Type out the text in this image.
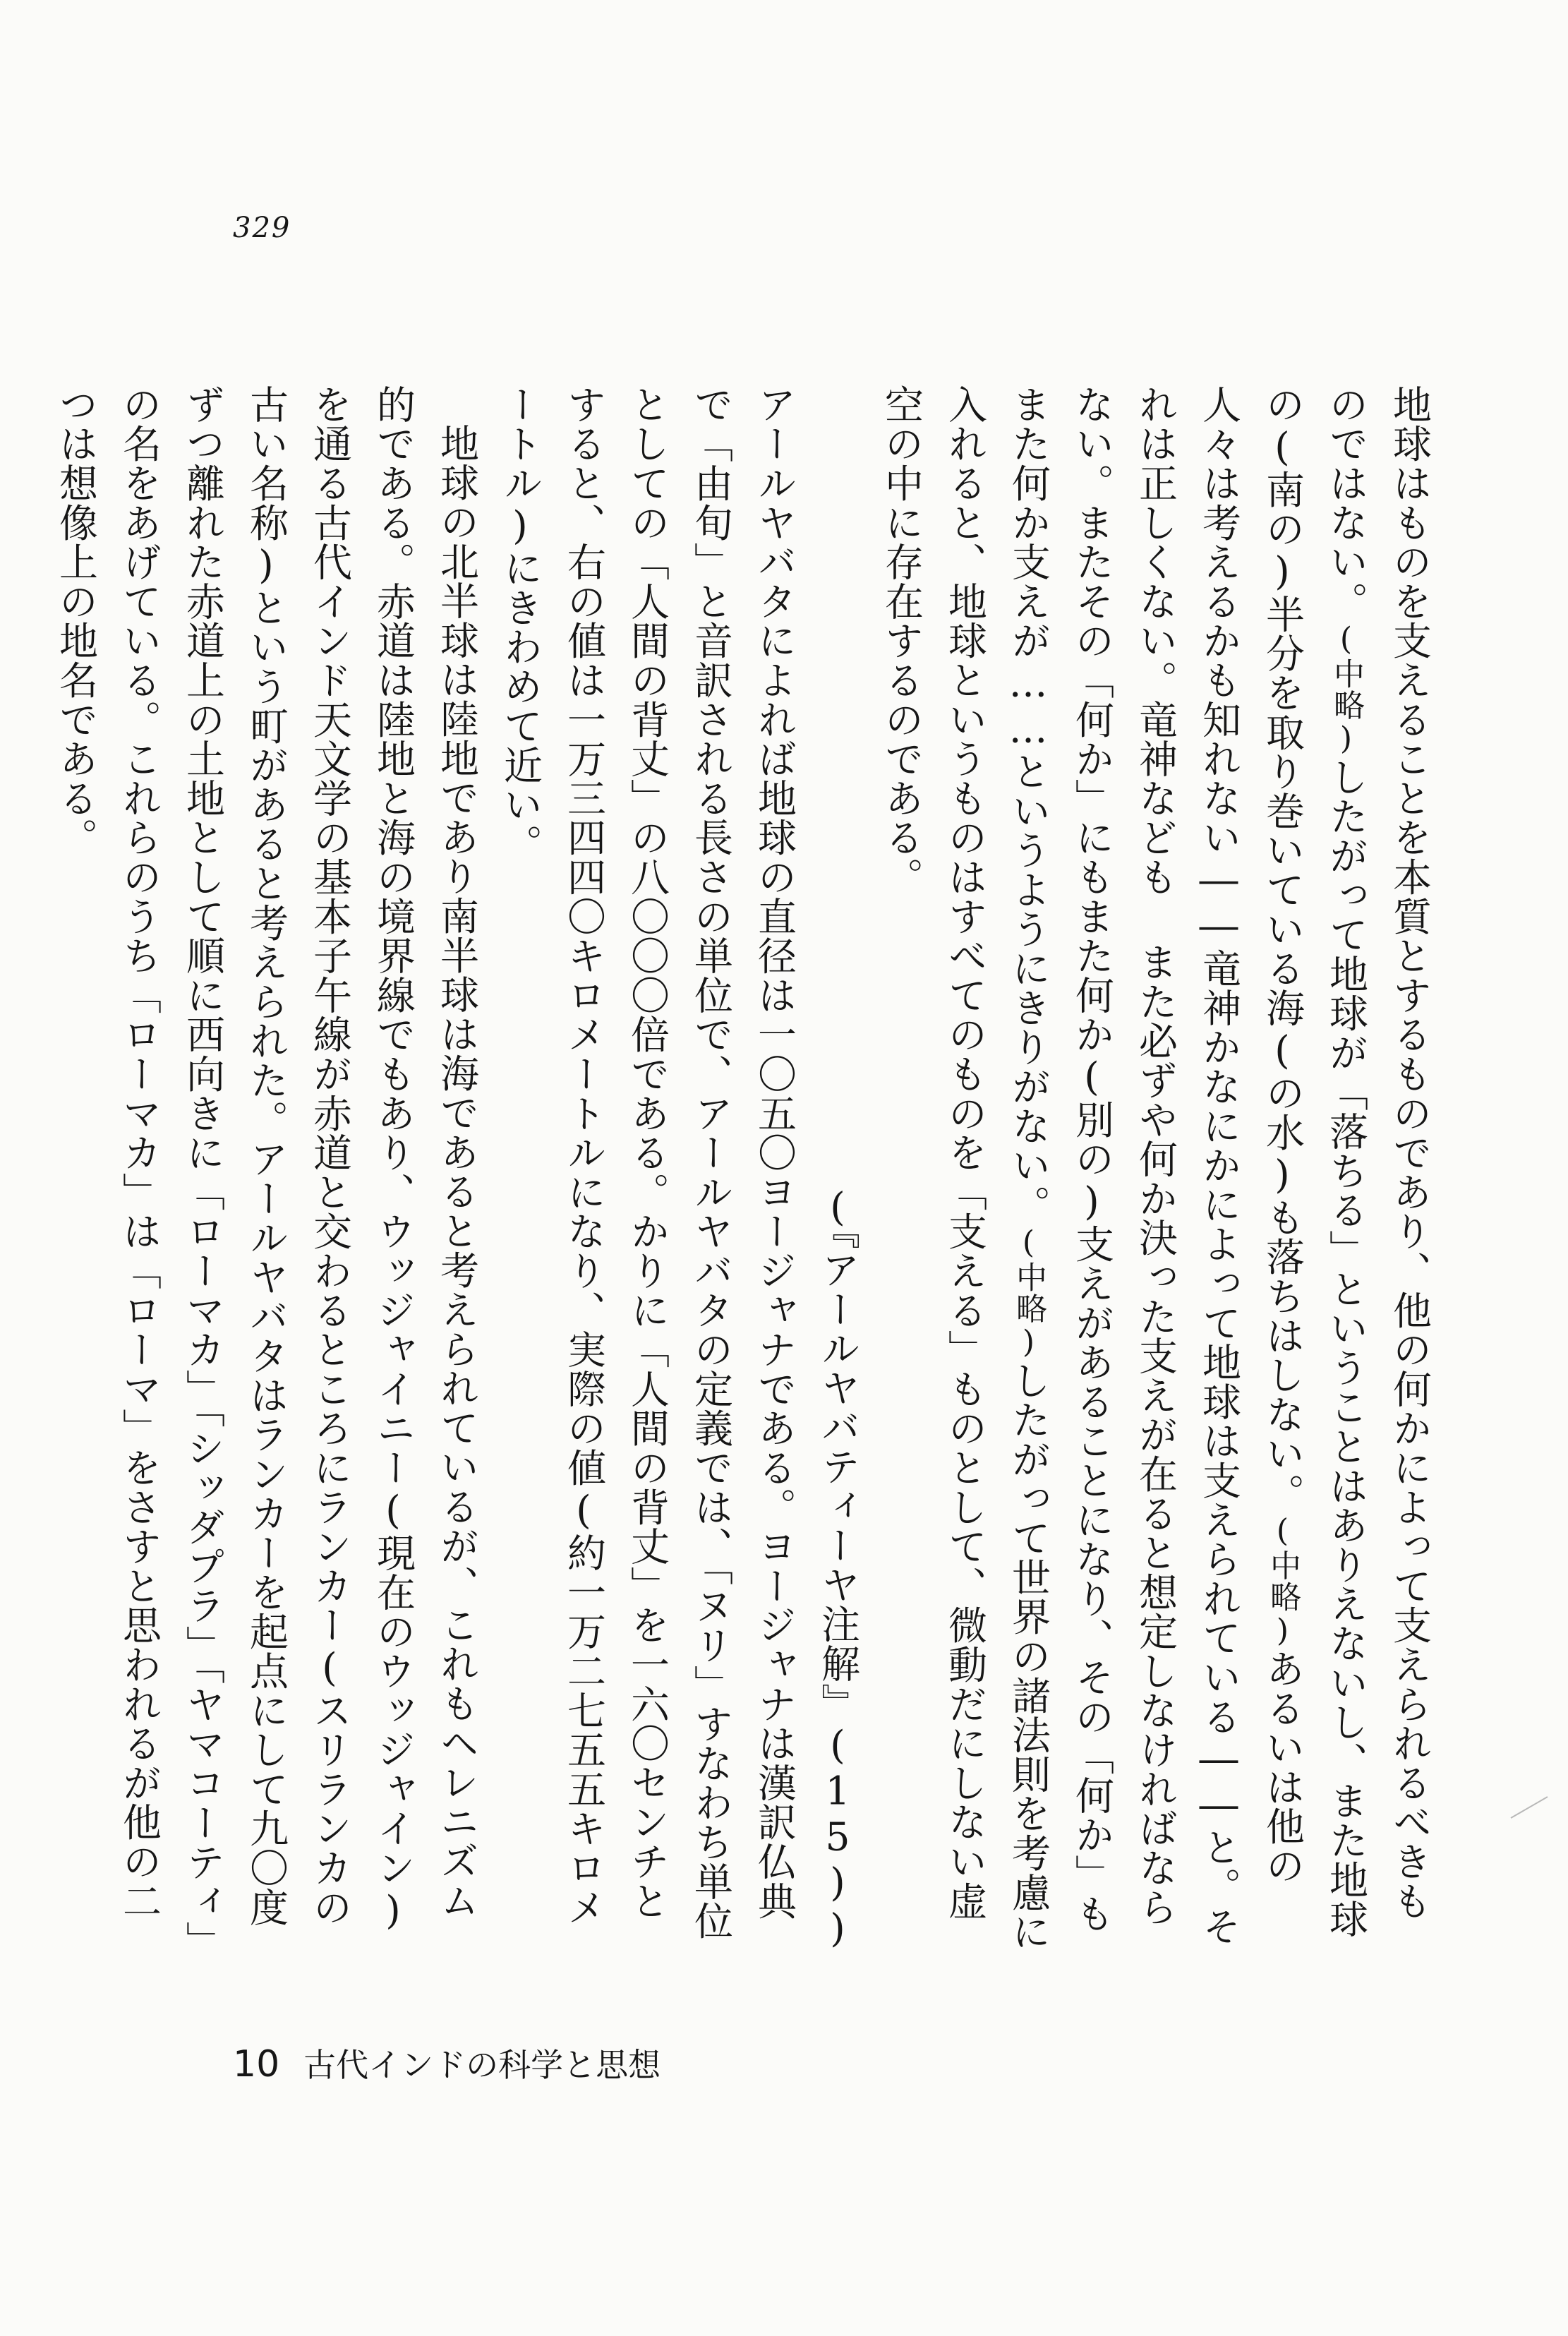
329

地球はものを支えることを本質とするものであり、他の何かによって支えられるべきものではない。(中略)したがって地球が「落ちる」ということはありえないし、また地球の(南の)半分を取り巻いている海(の水)も落ちはしない。(中略)あるいは他の人々は考えるかも知れない――竜神かなにかによって地球は支えられている――と。それは正しくない。竜神なども また必ずや何か決った支えが在ると想定しなければならない。またその「何か」にもまた何か(別の)支えがあることになり、その「何か」もまた何か支えが……というようにきりがない。(中略)したがって世界の諸法則を考慮に入れると、地球というものはすべてのものを「支える」ものとして、微動だにしない虚空の中に存在するのである。

(『アールヤバティーヤ注解』(15))

アールヤバタによれば地球の直径は一〇五〇ヨージャナである。ヨージャナは漢訳仏典で「由旬」と音訳される長さの単位で、アールヤバタの定義では、「ヌリ」すなわち単位としての「人間の背丈」の八〇〇〇倍である。かりに「人間の背丈」を一六〇センチとすると、右の値は一万三四四〇キロメートルになり、実際の値(約一万二七五五キロメートル)にきわめて近い。

地球の北半球は陸地であり南半球は海であると考えられているが、これもヘレニズム的である。赤道は陸地と海の境界線でもあり、ウッジャイニー(現在のウッジャイン)を通る古代インド天文学の基本子午線が赤道と交わるところにランカー(スリランカの古い名称)という町があると考えられた。アールヤバタはランカーを起点にして九〇度ずつ離れた赤道上の土地として順に西向きに「ローマカ」「シッダプラ」「ヤマコーティ」の名をあげている。これらのうち「ローマカ」は「ローマ」をさすと思われるが他の二つは想像上の地名である。

10 古代インドの科学と思想
